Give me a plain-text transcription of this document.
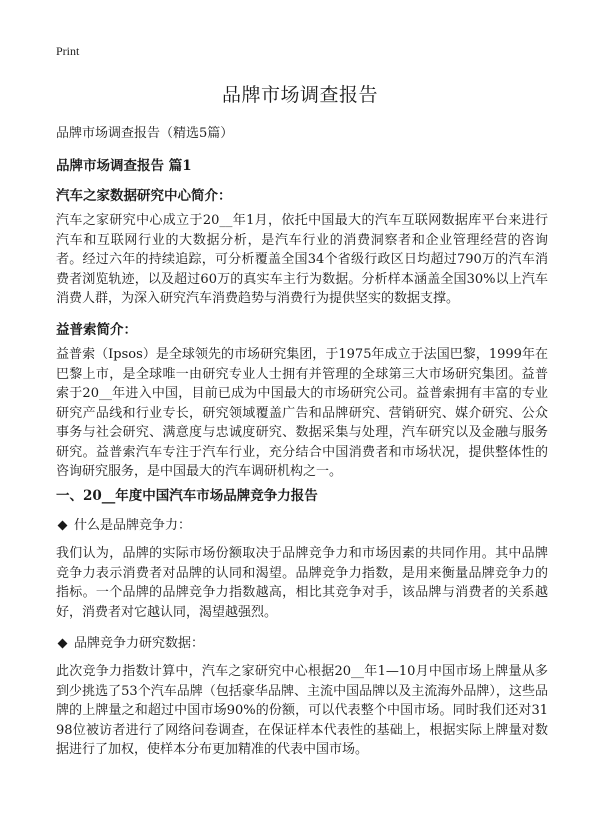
Print
品牌市场调查报告

品牌市场调查报告（精选5篇）

品牌市场调查报告 篇1

汽车之家数据研究中心简介：

汽车之家研究中心成立于20__年1月，依托中国最大的汽车互联网数据库平台来进行汽车和互联网行业的大数据分析，是汽车行业的消费洞察者和企业管理经营的咨询者。经过六年的持续追踪，可分析覆盖全国34个省级行政区日均超过790万的汽车消费者浏览轨迹，以及超过60万的真实车主行为数据。分析样本涵盖全国30%以上汽车消费人群，为深入研究汽车消费趋势与消费行为提供坚实的数据支撑。

益普索简介：

益普索（Ipsos）是全球领先的市场研究集团，于1975年成立于法国巴黎，1999年在巴黎上市，是全球唯一由研究专业人士拥有并管理的全球第三大市场研究集团。益普索于20__年进入中国，目前已成为中国最大的市场研究公司。益普索拥有丰富的专业研究产品线和行业专长，研究领域覆盖广告和品牌研究、营销研究、媒介研究、公众事务与社会研究、满意度与忠诚度研究、数据采集与处理，汽车研究以及金融与服务研究。益普索汽车专注于汽车行业，充分结合中国消费者和市场状况，提供整体性的咨询研究服务，是中国最大的汽车调研机构之一。

一、20__年度中国汽车市场品牌竞争力报告

什么是品牌竞争力：

我们认为，品牌的实际市场份额取决于品牌竞争力和市场因素的共同作用。其中品牌竞争力表示消费者对品牌的认同和渴望。品牌竞争力指数，是用来衡量品牌竞争力的指标。一个品牌的品牌竞争力指数越高，相比其竞争对手，该品牌与消费者的关系越好，消费者对它越认同，渴望越强烈。

品牌竞争力研究数据：

此次竞争力指数计算中，汽车之家研究中心根据20__年1—10月中国市场上牌量从多到少挑选了53个汽车品牌（包括豪华品牌、主流中国品牌以及主流海外品牌），这些品牌的上牌量之和超过中国市场90%的份额，可以代表整个中国市场。同时我们还对3198位被访者进行了网络问卷调查，在保证样本代表性的基础上，根据实际上牌量对数据进行了加权，使样本分布更加精准的代表中国市场。
